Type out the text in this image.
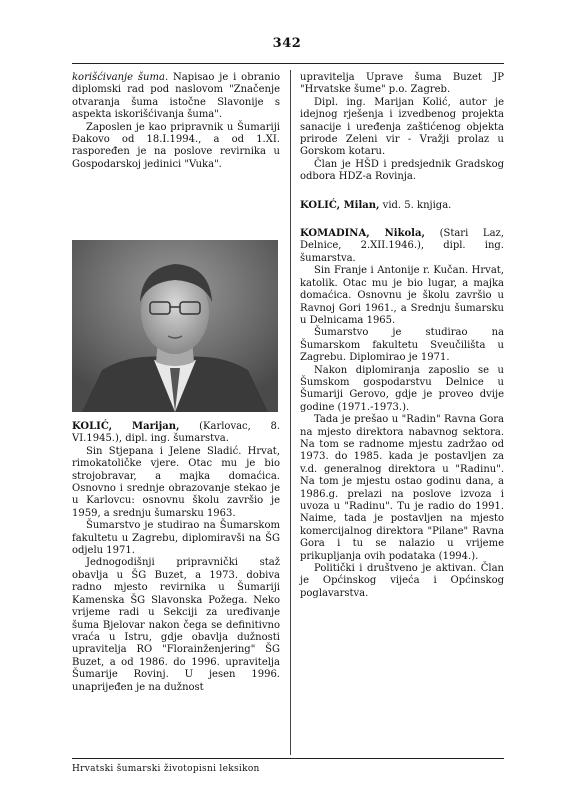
342

korišćivanje šuma. Napisao je i obranio diplomski rad pod naslovom "Značenje otvaranja šuma istočne Slavonije s aspekta iskorišćivanja šuma".

Zaposlen je kao pripravnik u Šumariji Đakovo od 18.I.1994., a od 1.XI. raspoređen je na poslove revirnika u Gospodarskoj jedinici "Vuka".

KOLIĆ, Marijan, (Karlovac, 8. VI.1945.), dipl. ing. šumarstva.

Sin Stjepana i Jelene Sladić. Hrvat, rimokatoličke vjere. Otac mu je bio strojobravar, a majka domaćica. Osnovno i srednje obrazovanje stekao je u Karlovcu: osnovnu školu završio je 1959, a srednju šumarsku 1963.

Šumarstvo je studirao na Šumarskom fakultetu u Zagrebu, diplomiravši na ŠG odjelu 1971.

Jednogodišnji pripravnički staž obavlja u ŠG Buzet, a 1973. dobiva radno mjesto revirnika u Šumariji Kamenska ŠG Slavonska Požega. Neko vrijeme radi u Sekciji za uređivanje šuma Bjelovar nakon čega se definitivno vraća u Istru, gdje obavlja dužnosti upravitelja RO "Florainženjering" ŠG Buzet, a od 1986. do 1996. upravitelja Šumarije Rovinj. U jesen 1996. unaprijeđen je na dužnost

upravitelja Uprave šuma Buzet JP "Hrvatske šume" p.o. Zagreb.

Dipl. ing. Marijan Kolić, autor je idejnog rješenja i izvedbenog projekta sanacije i uređenja zaštićenog objekta prirode Zeleni vir - Vražji prolaz u Gorskom kotaru.

Član je HŠD i predsjednik Gradskog odbora HDZ-a Rovinja.

KOLIĆ, Milan, vid. 5. knjiga.

KOMADINA, Nikola, (Stari Laz, Delnice, 2.XII.1946.), dipl. ing. šumarstva.

Sin Franje i Antonije r. Kučan. Hrvat, katolik. Otac mu je bio lugar, a majka domaćica. Osnovnu je školu završio u Ravnoj Gori 1961., a Srednju šumarsku u Delnicama 1965.

Šumarstvo je studirao na Šumarskom fakultetu Sveučilišta u Zagrebu. Diplomirao je 1971.

Nakon diplomiranja zaposlio se u Šumskom gospodarstvu Delnice u Šumariji Gerovo, gdje je proveo dvije godine (1971.-1973.).

Tada je prešao u "Radin" Ravna Gora na mjesto direktora nabavnog sektora. Na tom se radnome mjestu zadržao od 1973. do 1985. kada je postavljen za v.d. generalnog direktora u "Radinu". Na tom je mjestu ostao godinu dana, a 1986.g. prelazi na poslove izvoza i uvoza u "Radinu". Tu je radio do 1991. Naime, tada je postavljen na mjesto komercijalnog direktora "Pilane" Ravna Gora i tu se nalazio u vrijeme prikupljanja ovih podataka (1994.).

Politički i društveno je aktivan. Član je Općinskog vijeća i Općinskog poglavarstva.

Hrvatski šumarski životopisni leksikon
